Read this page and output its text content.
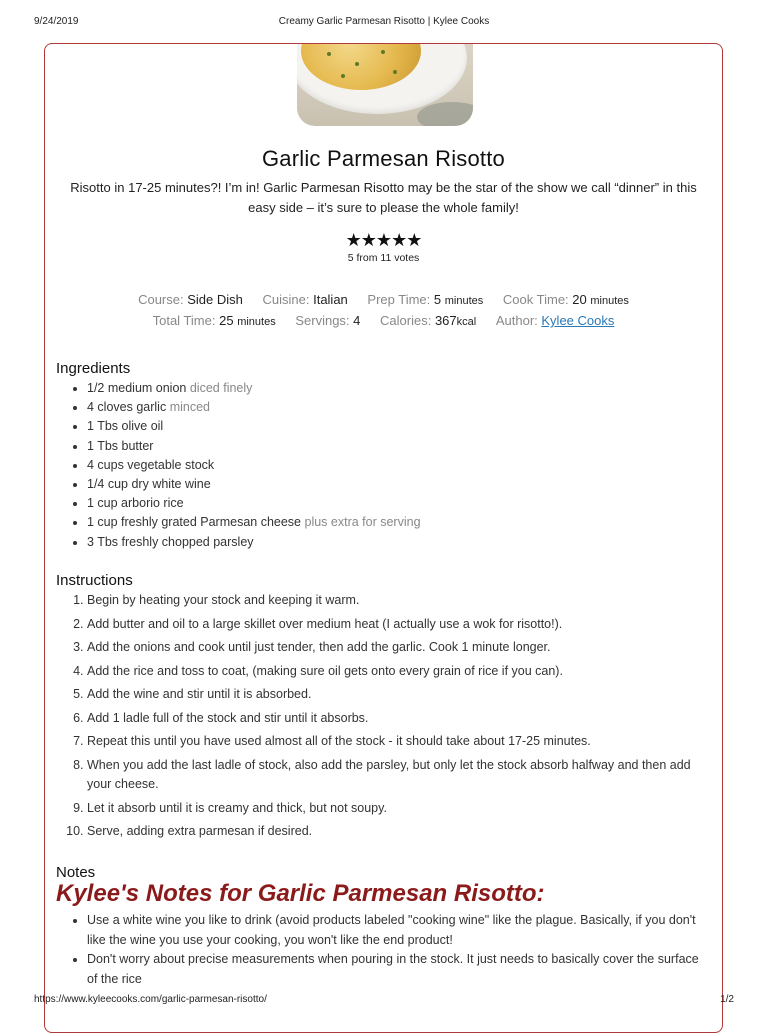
9/24/2019	Creamy Garlic Parmesan Risotto | Kylee Cooks
Garlic Parmesan Risotto
Risotto in 17-25 minutes?! I’m in! Garlic Parmesan Risotto may be the star of the show we call “dinner” in this easy side – it’s sure to please the whole family!
★★★★★
5 from 11 votes
Course: Side Dish Cuisine: Italian Prep Time: 5 minutes Cook Time: 20 minutes
Total Time: 25 minutes Servings: 4 Calories: 367kcal Author: Kylee Cooks
Ingredients
• 1/2 medium onion diced finely
• 4 cloves garlic minced
• 1 Tbs olive oil
• 1 Tbs butter
• 4 cups vegetable stock
• 1/4 cup dry white wine
• 1 cup arborio rice
• 1 cup freshly grated Parmesan cheese plus extra for serving
• 3 Tbs freshly chopped parsley
Instructions
1. Begin by heating your stock and keeping it warm.
2. Add butter and oil to a large skillet over medium heat (I actually use a wok for risotto!).
3. Add the onions and cook until just tender, then add the garlic. Cook 1 minute longer.
4. Add the rice and toss to coat, (making sure oil gets onto every grain of rice if you can).
5. Add the wine and stir until it is absorbed.
6. Add 1 ladle full of the stock and stir until it absorbs.
7. Repeat this until you have used almost all of the stock - it should take about 17-25 minutes.
8. When you add the last ladle of stock, also add the parsley, but only let the stock absorb halfway and then add your cheese.
9. Let it absorb until it is creamy and thick, but not soupy.
10. Serve, adding extra parmesan if desired.
Notes
Kylee's Notes for Garlic Parmesan Risotto:
• Use a white wine you like to drink (avoid products labeled "cooking wine" like the plague. Basically, if you don't like the wine you use your cooking, you won't like the end product!
• Don't worry about precise measurements when pouring in the stock. It just needs to basically cover the surface of the rice
https://www.kyleecooks.com/garlic-parmesan-risotto/	1/2
